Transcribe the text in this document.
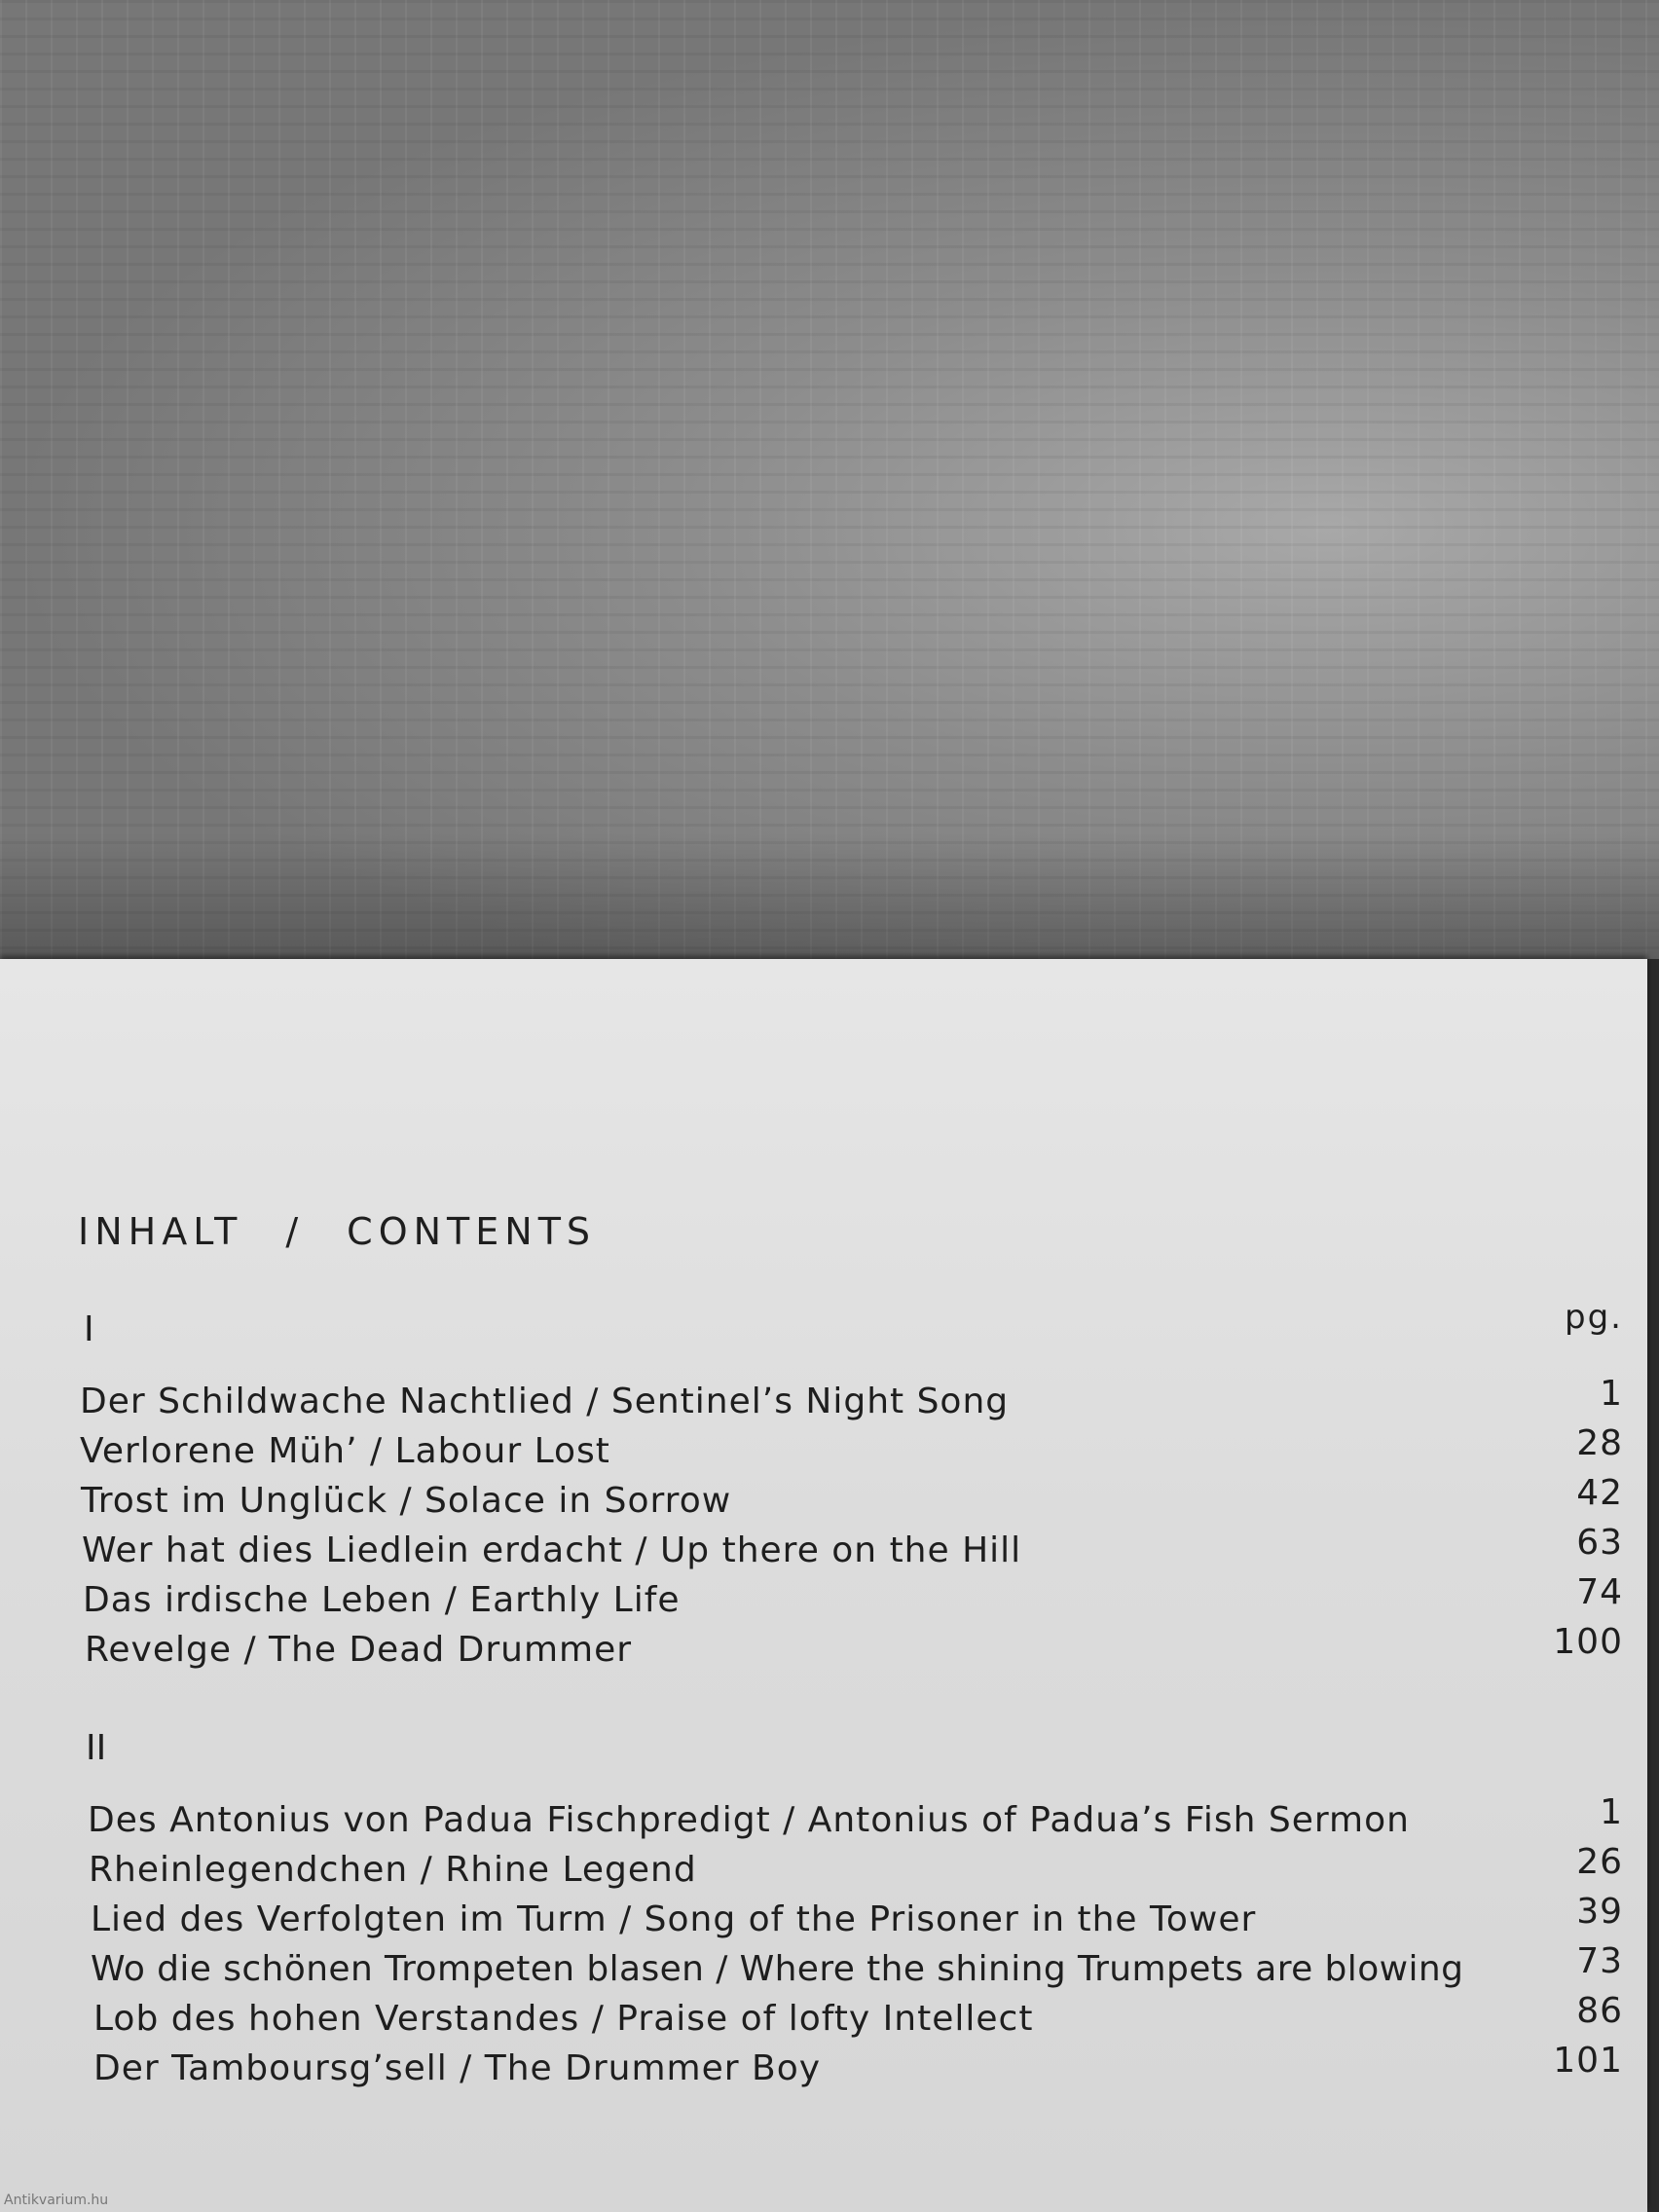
INHALT / CONTENTS
pg.
I
Der Schildwache Nachtlied / Sentinel’s Night Song	1
Verlorene Müh’ / Labour Lost	28
Trost im Unglück / Solace in Sorrow	42
Wer hat dies Liedlein erdacht / Up there on the Hill	63
Das irdische Leben / Earthly Life	74
Revelge / The Dead Drummer	100
II
Des Antonius von Padua Fischpredigt / Antonius of Padua’s Fish Sermon	1
Rheinlegendchen / Rhine Legend	26
Lied des Verfolgten im Turm / Song of the Prisoner in the Tower	39
Wo die schönen Trompeten blasen / Where the shining Trumpets are blowing	73
Lob des hohen Verstandes / Praise of lofty Intellect	86
Der Tamboursg’sell / The Drummer Boy	101
Antikvarium.hu
